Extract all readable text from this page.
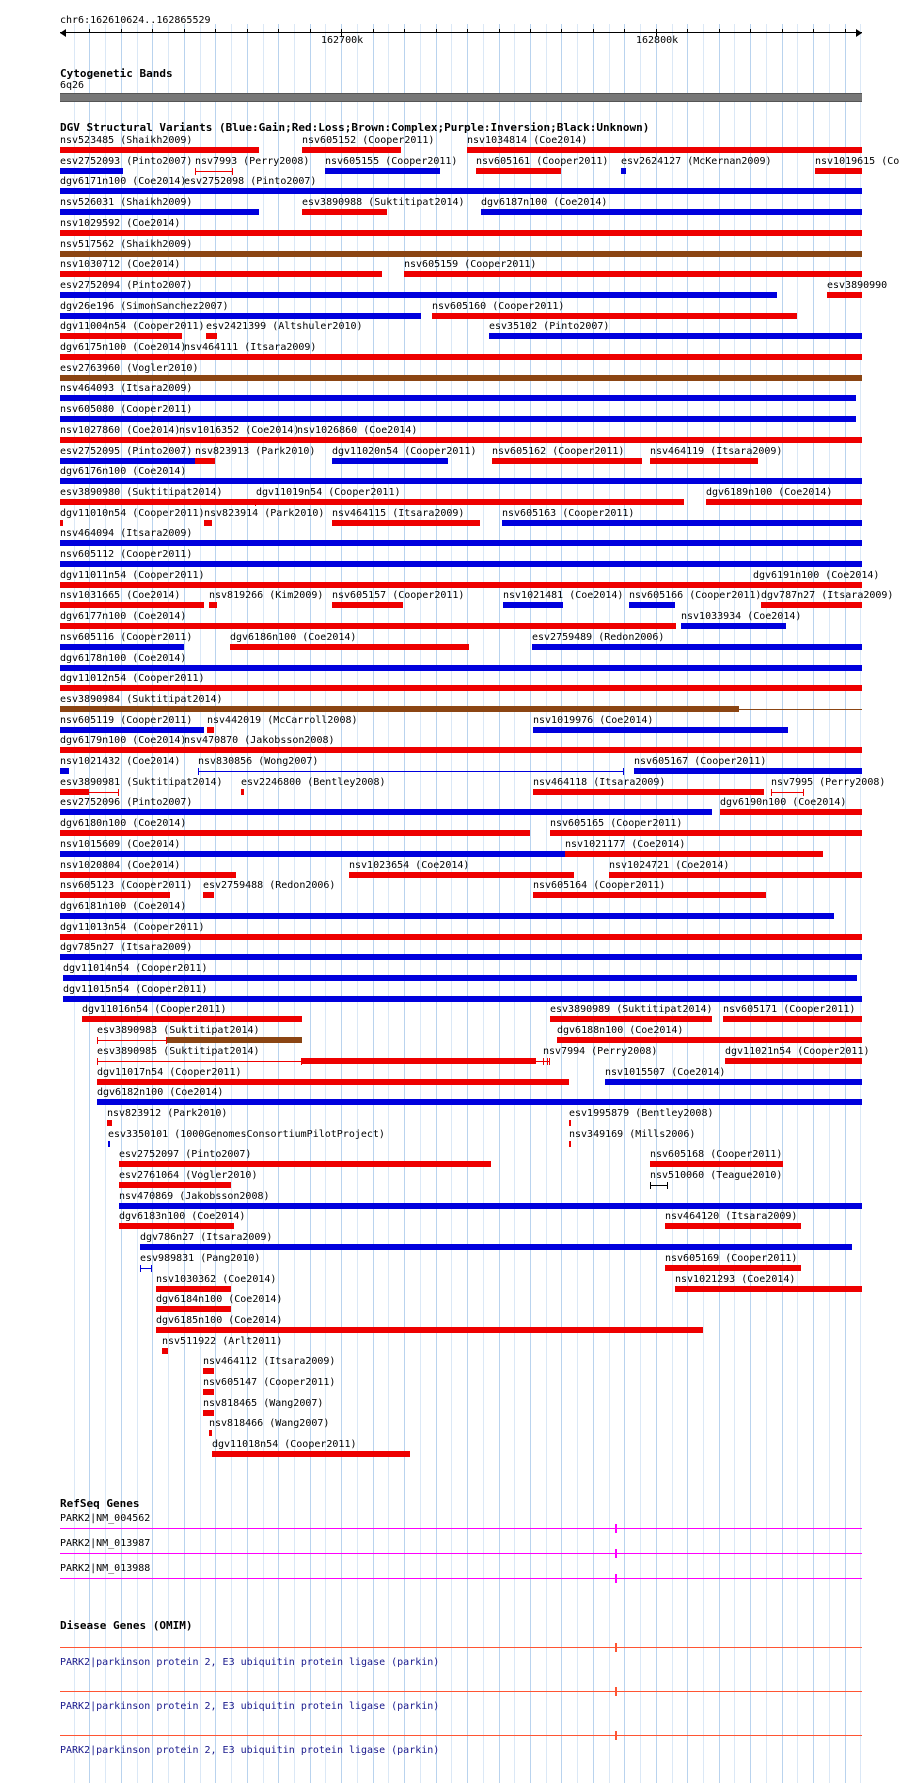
chr6:162610624..162865529
162700k	162800k
Cytogenetic Bands
6q26
DGV Structural Variants (Blue:Gain;Red:Loss;Brown:Complex;Purple:Inversion;Black:Unknown)
nsv523485 (Shaikh2009)	nsv605152 (Cooper2011)	nsv1034814 (Coe2014)
esv2752093 (Pinto2007) nsv7993 (Perry2008) nsv605155 (Cooper2011) nsv605161 (Cooper2011) esv2624127 (McKernan2009)	nsv1019615 (Co
dgv6171n100 (Coe2014)
esv2752098 (Pinto2007)
nsv526031 (Shaikh2009)	esv3890988 (Suktitipat2014) dgv6187n100 (Coe2014)
nsv1029592 (Coe2014)
nsv517562 (Shaikh2009)
nsv1030712 (Coe2014)	nsv605159 (Cooper2011)
esv2752094 (Pinto2007)	esv3890990
dgv26e196 (SimonSanchez2007)	nsv605160 (Cooper2011)
dgv11004n54 (Cooper2011) esv2421399 (Altshuler2010)	esv35102 (Pinto2007)
dgv6175n100 (Coe2014)
nsv464111 (Itsara2009)
esv2763960 (Vogler2010)
nsv464093 (Itsara2009)
nsv605080 (Cooper2011)
nsv1027860 (Coe2014)
nsv1016352 (Coe2014)
nsv1026860 (Coe2014)
esv2752095 (Pinto2007) nsv823913 (Park2010) dgv11020n54 (Cooper2011) nsv605162 (Cooper2011)	nsv464119 (Itsara2009)
dgv6176n100 (Coe2014)
esv3890980 (Suktitipat2014)	dgv11019n54 (Cooper2011)	dgv6189n100 (Coe2014)
dgv11010n54 (Cooper2011) nsv823914 (Park2010) nsv464115 (Itsara2009)	nsv605163 (Cooper2011)
nsv464094 (Itsara2009)
nsv605112 (Cooper2011)
dgv11011n54 (Cooper2011)	dgv6191n100 (Coe2014)
nsv1031665 (Coe2014)	nsv819266 (Kim2009) nsv605157 (Cooper2011)	nsv1021481 (Coe2014) nsv605166 (Cooper2011) dgv787n27 (Itsara2009)
dgv6177n100 (Coe2014)	nsv1033934 (Coe2014)
nsv605116 (Cooper2011)	dgv6186n100 (Coe2014)	esv2759489 (Redon2006)
dgv6178n100 (Coe2014)
dgv11012n54 (Cooper2011)
esv3890984 (Suktitipat2014)
nsv605119 (Cooper2011) nsv442019 (McCarroll2008)	nsv1019976 (Coe2014)
dgv6179n100 (Coe2014)
nsv470870 (Jakobsson2008)
nsv1021432 (Coe2014) nsv830856 (Wong2007)	nsv605167 (Cooper2011)
esv3890981 (Suktitipat2014) esv2246800 (Bentley2008)	nsv464118 (Itsara2009)	nsv7995 (Perry2008)
esv2752096 (Pinto2007)	dgv6190n100 (Coe2014)
dgv6180n100 (Coe2014)	nsv605165 (Cooper2011)
nsv1015609 (Coe2014)	nsv1021177 (Coe2014)
nsv1020804 (Coe2014)	nsv1023654 (Coe2014)	nsv1024721 (Coe2014)
nsv605123 (Cooper2011) esv2759488 (Redon2006)	nsv605164 (Cooper2011)
dgv6181n100 (Coe2014)
dgv11013n54 (Cooper2011)
dgv785n27 (Itsara2009)
dgv11014n54 (Cooper2011)
dgv11015n54 (Cooper2011)
dgv11016n54 (Cooper2011)	esv3890989 (Suktitipat2014) nsv605171 (Cooper2011)
esv3890983 (Suktitipat2014)	dgv6188n100 (Coe2014)
esv3890985 (Suktitipat2014)	nsv7994 (Perry2008)	dgv11021n54 (Cooper2011)
dgv11017n54 (Cooper2011)	nsv1015507 (Coe2014)
dgv6182n100 (Coe2014)
nsv823912 (Park2010)	esv1995879 (Bentley2008)
esv3350101 (1000GenomesConsortiumPilotProject)	nsv349169 (Mills2006)
esv2752097 (Pinto2007)	nsv605168 (Cooper2011)
esv2761064 (Vogler2010)	nsv510060 (Teague2010)
nsv470869 (Jakobsson2008)
dgv6183n100 (Coe2014)	nsv464120 (Itsara2009)
dgv786n27 (Itsara2009)
esv989831 (Pang2010)	nsv605169 (Cooper2011)
nsv1030362 (Coe2014)	nsv1021293 (Coe2014)
dgv6184n100 (Coe2014)
dgv6185n100 (Coe2014)
nsv511922 (Arlt2011)
nsv464112 (Itsara2009)
nsv605147 (Cooper2011)
nsv818465 (Wang2007)
nsv818466 (Wang2007)
dgv11018n54 (Cooper2011)
RefSeq Genes
PARK2|NM_004562
PARK2|NM_013987
PARK2|NM_013988
Disease Genes (OMIM)
PARK2|parkinson protein 2, E3 ubiquitin protein ligase (parkin)
PARK2|parkinson protein 2, E3 ubiquitin protein ligase (parkin)
PARK2|parkinson protein 2, E3 ubiquitin protein ligase (parkin)
